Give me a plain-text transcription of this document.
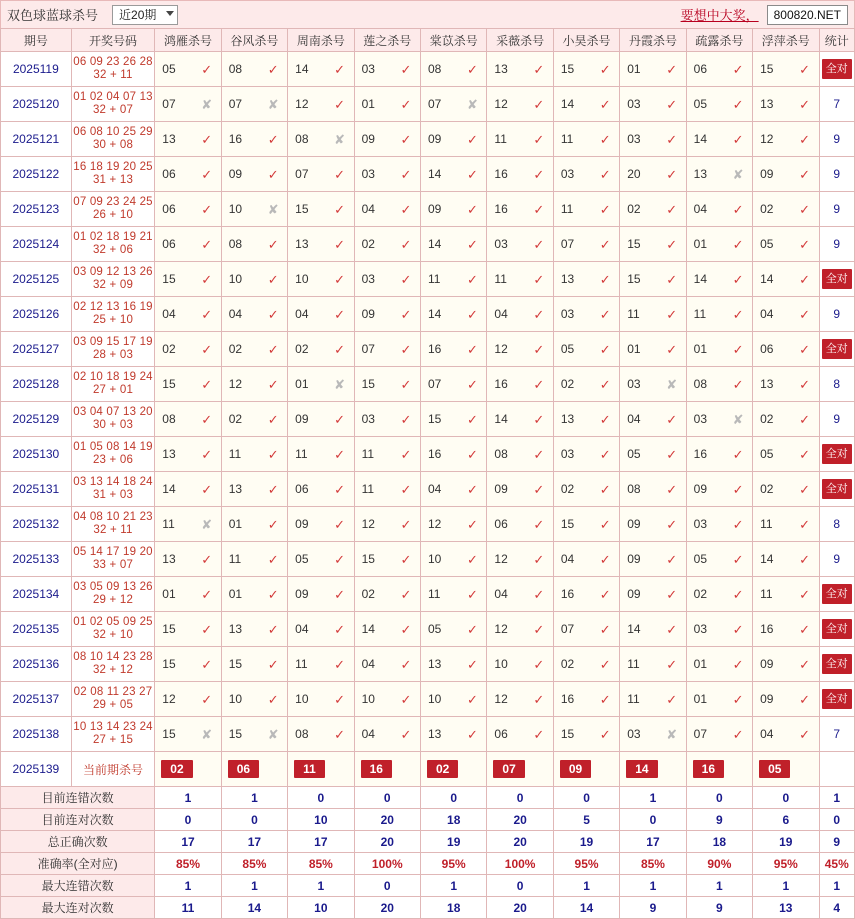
双色球蓝球杀号
近20期	要想中大奖，	800820.NET
期号	开奖号码	鸿雁杀号	谷风杀号	周南杀号	莲之杀号	棠苡杀号	采薇杀号	小昊杀号	丹霞杀号	疏露杀号	浮萍杀号	统计
2025119	06 09 23 26 28
32 + 11	05 ✓	08 ✓	14 ✓	03 ✓	08 ✓	13 ✓	15 ✓	01 ✓	06 ✓	15 ✓	全对

2025120	01 02 04 07 13
32 + 07	07 ✘	07 ✘	12 ✓	01 ✓	07 ✘	12 ✓	14 ✓	03 ✓	05 ✓	13 ✓	7
2025121	06 08 10 25 29
30 + 08	13 ✓	16 ✓	08 ✘	09 ✓	09 ✓	11 ✓	11 ✓	03 ✓	14 ✓	12 ✓	9
2025122	16 18 19 20 25
31 + 13	06 ✓	09 ✓	07 ✓	03 ✓	14 ✓	16 ✓	03 ✓	20 ✓	13 ✘	09 ✓	9
2025123	07 09 23 24 25
26 + 10	06 ✓	10 ✘	15 ✓	04 ✓	09 ✓	16 ✓	11 ✓	02 ✓	04 ✓	02 ✓	9
2025124	01 02 18 19 21
32 + 06	06 ✓	08 ✓	13 ✓	02 ✓	14 ✓	03 ✓	07 ✓	15 ✓	01 ✓	05 ✓	9
2025125	03 09 12 13 26
32 + 09	15 ✓	10 ✓	10 ✓	03 ✓	11 ✓	11 ✓	13 ✓	15 ✓	14 ✓	14 ✓	全对

2025126	02 12 13 16 19
25 + 10	04 ✓	04 ✓	04 ✓	09 ✓	14 ✓	04 ✓	03 ✓	11 ✓	11 ✓	04 ✓	9
2025127	03 09 15 17 19
28 + 03	02 ✓	02 ✓	02 ✓	07 ✓	16 ✓	12 ✓	05 ✓	01 ✓	01 ✓	06 ✓	全对

2025128	02 10 18 19 24
27 + 01	15 ✓	12 ✓	01 ✘	15 ✓	07 ✓	16 ✓	02 ✓	03 ✘	08 ✓	13 ✓	8
2025129	03 04 07 13 20
30 + 03	08 ✓	02 ✓	09 ✓	03 ✓	15 ✓	14 ✓	13 ✓	04 ✓	03 ✘	02 ✓	9
2025130	01 05 08 14 19
23 + 06	13 ✓	11 ✓	11 ✓	11 ✓	16 ✓	08 ✓	03 ✓	05 ✓	16 ✓	05 ✓	全对

2025131	03 13 14 18 24
31 + 03	14 ✓	13 ✓	06 ✓	11 ✓	04 ✓	09 ✓	02 ✓	08 ✓	09 ✓	02 ✓	全对

2025132	04 08 10 21 23
32 + 11	11 ✘	01 ✓	09 ✓	12 ✓	12 ✓	06 ✓	15 ✓	09 ✓	03 ✓	11 ✓	8
2025133	05 14 17 19 20
33 + 07	13 ✓	11 ✓	05 ✓	15 ✓	10 ✓	12 ✓	04 ✓	09 ✓	05 ✓	14 ✓	9
2025134	03 05 09 13 26
29 + 12	01 ✓	01 ✓	09 ✓	02 ✓	11 ✓	04 ✓	16 ✓	09 ✓	02 ✓	11 ✓	全对

2025135	01 02 05 09 25
32 + 10	15 ✓	13 ✓	04 ✓	14 ✓	05 ✓	12 ✓	07 ✓	14 ✓	03 ✓	16 ✓	全对

2025136	08 10 14 23 28
32 + 12	15 ✓	15 ✓	11 ✓	04 ✓	13 ✓	10 ✓	02 ✓	11 ✓	01 ✓	09 ✓	全对

2025137	02 08 11 23 27
29 + 05	12 ✓	10 ✓	10 ✓	10 ✓	10 ✓	12 ✓	16 ✓	11 ✓	01 ✓	09 ✓	全对

2025138	10 13 14 23 24
27 + 15	15 ✘	15 ✘	08 ✓	04 ✓	13 ✓	06 ✓	15 ✓	03 ✘	07 ✓	04 ✓	7
2025139	当前期杀号	02	06	11	16	02	07	09	14	16	05	

目前连错次数		1	1	0	0	0	0	0	1	0	0	1
目前连对次数		0	0	10	20	18	20	5	0	9	6	0
总正确次数		17	17	17	20	19	20	19	17	18	19	9
准确率(全对应)		85%	85%	85%	100%	95%	100%	95%	85%	90%	95%	45%
最大连错次数		1	1	1	0	1	0	1	1	1	1	1
最大连对次数		11	14	10	20	18	20	14	9	9	13	4
